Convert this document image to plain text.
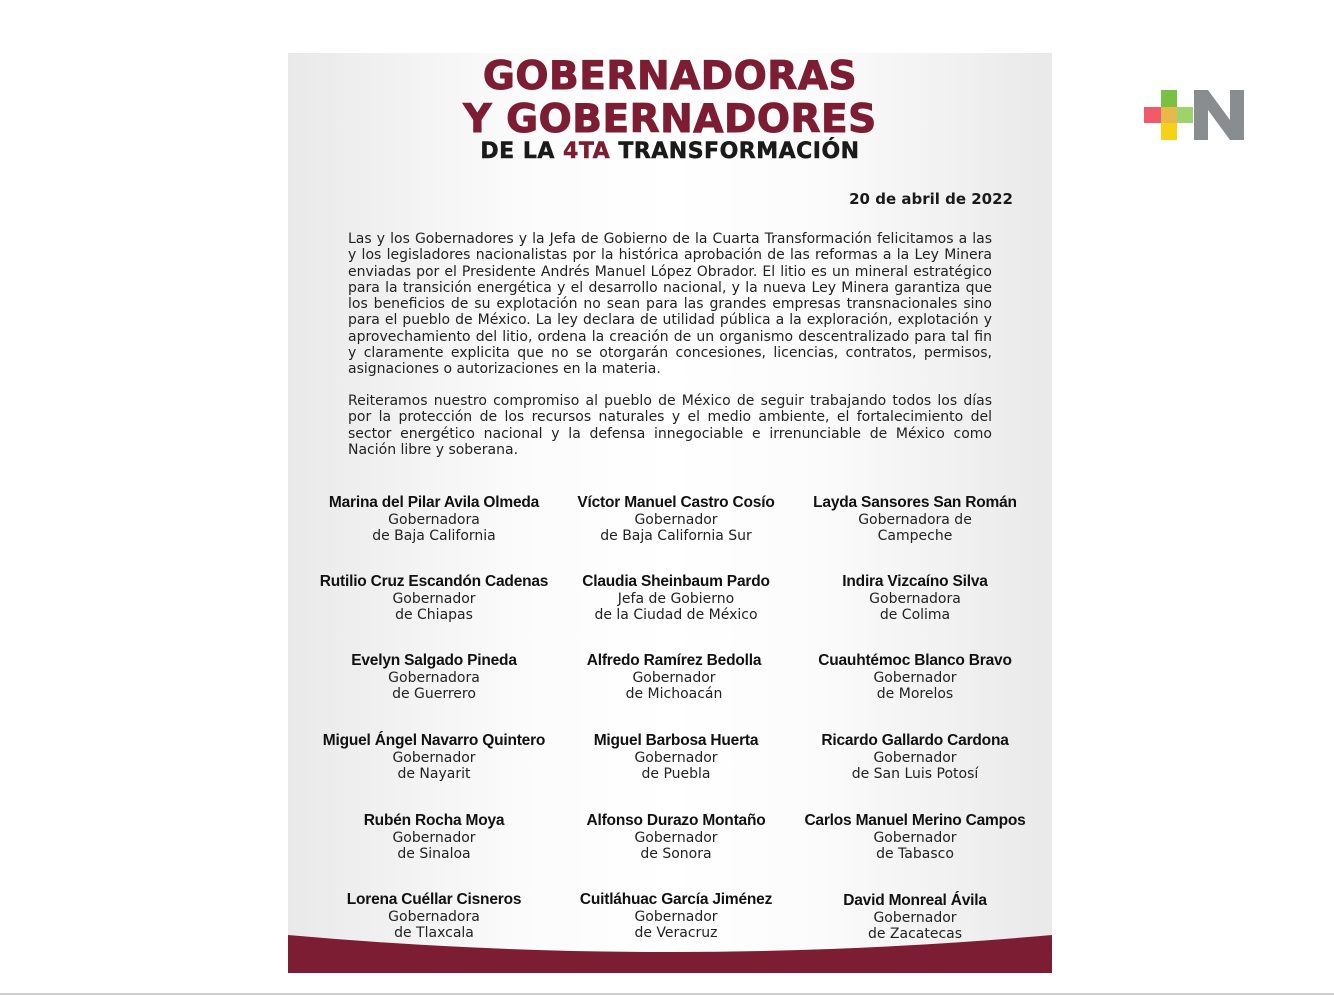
GOBERNADORAS
Y GOBERNADORES
DE LA 4TA TRANSFORMACIÓN
20 de abril de 2022

Las y los Gobernadores y la Jefa de Gobierno de la Cuarta Transformación felicitamos a las y los legisladores nacionalistas por la histórica aprobación de las reformas a la Ley Minera enviadas por el Presidente Andrés Manuel López Obrador. El litio es un mineral estratégico para la transición energética y el desarrollo nacional, y la nueva Ley Minera garantiza que los beneficios de su explotación no sean para las grandes empresas transnacionales sino para el pueblo de México. La ley declara de utilidad pública a la exploración, explotación y aprovechamiento del litio, ordena la creación de un organismo descentralizado para tal fin y claramente explicita que no se otorgarán concesiones, licencias, contratos, permisos, asignaciones o autorizaciones en la materia.

Reiteramos nuestro compromiso al pueblo de México de seguir trabajando todos los días por la protección de los recursos naturales y el medio ambiente, el fortalecimiento del sector energético nacional y la defensa innegociable e irrenunciable de México como Nación libre y soberana.

Marina del Pilar Avila Olmeda
Gobernadora
de Baja California
Víctor Manuel Castro Cosío
Gobernador
de Baja California Sur
Layda Sansores San Román
Gobernadora de
Campeche
Rutilio Cruz Escandón Cadenas
Gobernador
de Chiapas
Claudia Sheinbaum Pardo
Jefa de Gobierno
de la Ciudad de México
Indira Vizcaíno Silva
Gobernadora
de Colima
Evelyn Salgado Pineda
Gobernadora
de Guerrero
Alfredo Ramírez Bedolla
Gobernador
de Michoacán
Cuauhtémoc Blanco Bravo
Gobernador
de Morelos
Miguel Ángel Navarro Quintero
Gobernador
de Nayarit
Miguel Barbosa Huerta
Gobernador
de Puebla
Ricardo Gallardo Cardona
Gobernador
de San Luis Potosí
Rubén Rocha Moya
Gobernador
de Sinaloa
Alfonso Durazo Montaño
Gobernador
de Sonora
Carlos Manuel Merino Campos
Gobernador
de Tabasco
Lorena Cuéllar Cisneros
Gobernadora
de Tlaxcala
Cuitláhuac García Jiménez
Gobernador
de Veracruz
David Monreal Ávila
Gobernador
de Zacatecas
